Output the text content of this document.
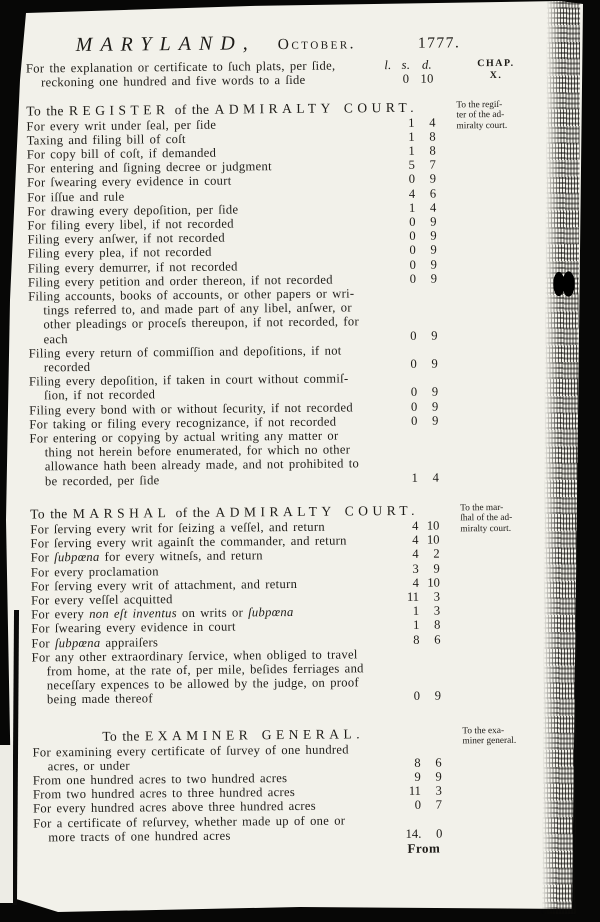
MARYLAND, October.	1777.
For the explanation or certificate to ſuch plats, per ſide,
reckoning one hundred and five words to a ſide
l. s. d.
0 10
CHAP.
X.
To the REGISTER of the ADMIRALTY COURT.	To the regiſ-
ter of the ad-
miralty court.
For every writ under ſeal, per ſide	1	4
Taxing and filing bill of coſt	1	8
For copy bill of coſt, if demanded	1	8
For entering and ſigning decree or judgment	5	7
For ſwearing every evidence in court	0	9
For iſſue and rule	4	6
For drawing every depoſition, per ſide	1	4
For filing every libel, if not recorded	0	9
Filing every anſwer, if not recorded	0	9
Filing every plea, if not recorded	0	9
Filing every demurrer, if not recorded	0	9
Filing every petition and order thereon, if not recorded	0	9
Filing accounts, books of accounts, or other papers or wri-
tings referred to, and made part of any libel, anſwer, or
other pleadings or proceſs thereupon, if not recorded, for
each	0	9
Filing every return of commiſſion and depoſitions, if not
recorded	0	9
Filing every depoſition, if taken in court without commiſ-
ſion, if not recorded	0	9
Filing every bond with or without ſecurity, if not recorded	0	9
For taking or filing every recognizance, if not recorded	0	9
For entering or copying by actual writing any matter or
thing not herein before enumerated, for which no other
allowance hath been already made, and not prohibited to
be recorded, per ſide	1	4
To the MARSHAL of the ADMIRALTY COURT.	To the mar-
ſhal of the ad-
miralty court.
For ſerving every writ for ſeizing a veſſel, and return	4 10
For ſerving every writ againſt the commander, and return	4 10
For ſubpœna for every witneſs, and return	4	2
For every proclamation	3	9
For ſerving every writ of attachment, and return	4 10
For every veſſel acquitted	11	3
For every non eſt inventus on writs or ſubpœna	1	3
For ſwearing every evidence in court	1	8
For ſubpœna appraiſers	8	6
For any other extraordinary ſervice, when obliged to travel
from home, at the rate of, per mile, beſides ferriages and
neceſſary expences to be allowed by the judge, on proof
being made thereof	0	9
To the EXAMINER GENERAL.	To the exa-
miner general.
For examining every certificate of ſurvey of one hundred
acres, or under	8	6
From one hundred acres to two hundred acres	9	9
From two hundred acres to three hundred acres	11	3
For every hundred acres above three hundred acres	0	7
For a certificate of reſurvey, whether made up of one or
more tracts of one hundred acres	14.	0
From
